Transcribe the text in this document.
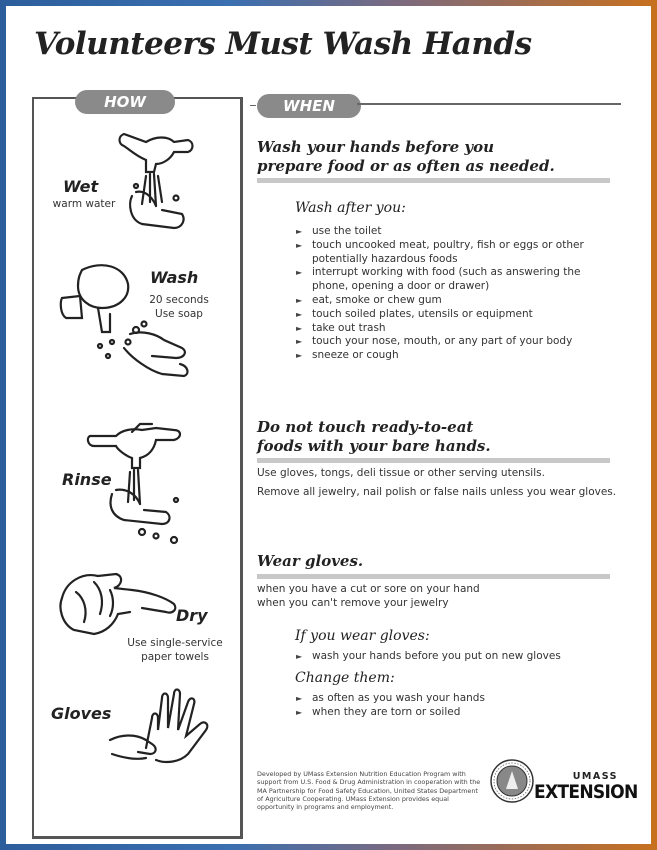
Volunteers Must Wash Hands
HOW
Wet
warm water
Wash
20 seconds
Use soap
Rinse
Dry
Use single-service
paper towels
Gloves
WHEN
Wash your hands before you
prepare food or as often as needed.
Wash after you:
► use the toilet
► touch uncooked meat, poultry, fish or eggs or other potentially hazardous foods
► interrupt working with food (such as answering the phone, opening a door or drawer)
► eat, smoke or chew gum
► touch soiled plates, utensils or equipment
► take out trash
► touch your nose, mouth, or any part of your body
► sneeze or cough
Do not touch ready-to-eat
foods with your bare hands.
Use gloves, tongs, deli tissue or other serving utensils.
Remove all jewelry, nail polish or false nails unless you wear gloves.
Wear gloves.
when you have a cut or sore on your hand
when you can't remove your jewelry
If you wear gloves:
► wash your hands before you put on new gloves
Change them:
► as often as you wash your hands
► when they are torn or soiled
Developed by UMass Extension Nutrition Education Program with support from U.S. Food & Drug Administration in cooperation with the MA Partnership for Food Safety Education, United States Department of Agriculture Cooperating. UMass Extension provides equal opportunity in programs and employment.
UMASS
EXTENSION
